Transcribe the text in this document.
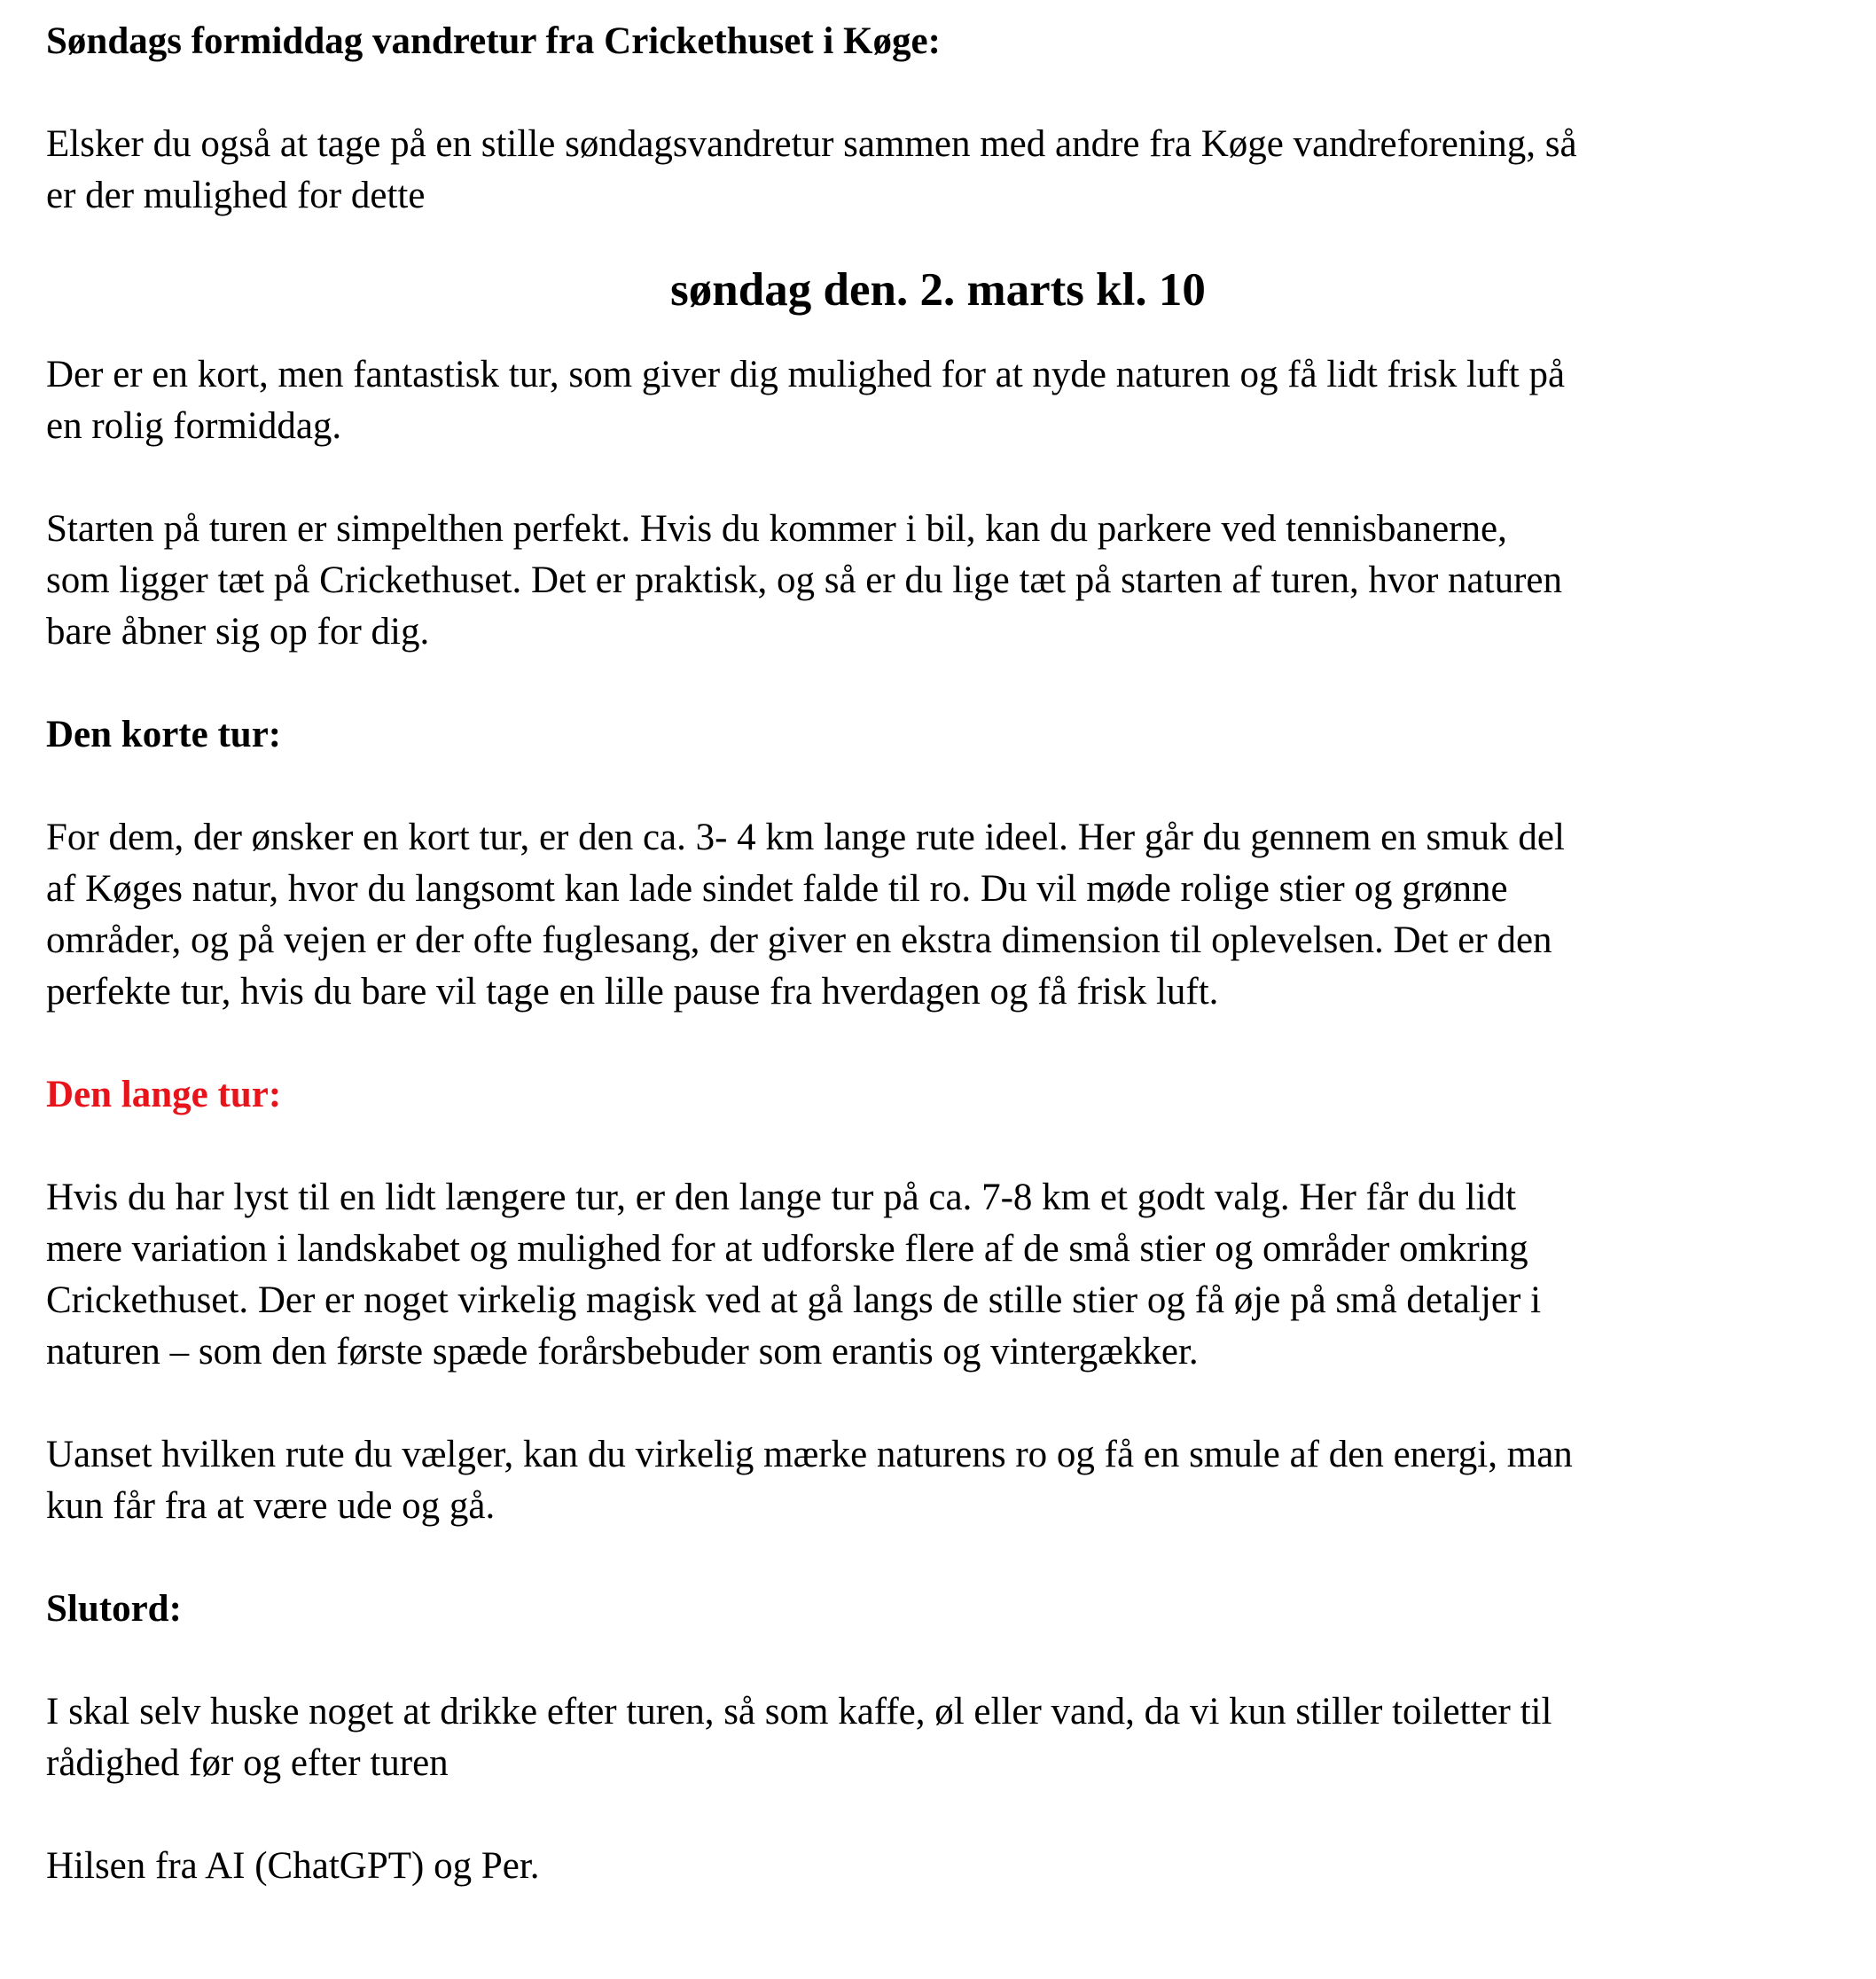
Søndags formiddag vandretur fra Crickethuset i Køge:

Elsker du også at tage på en stille søndagsvandretur sammen med andre fra Køge vandreforening, så
er der mulighed for dette

søndag den. 2. marts kl. 10

Der er en kort, men fantastisk tur, som giver dig mulighed for at nyde naturen og få lidt frisk luft på
en rolig formiddag.
Starten på turen er simpelthen perfekt. Hvis du kommer i bil, kan du parkere ved tennisbanerne,
som ligger tæt på Crickethuset. Det er praktisk, og så er du lige tæt på starten af turen, hvor naturen
bare åbner sig op for dig.

Den korte tur:

For dem, der ønsker en kort tur, er den ca. 3- 4 km lange rute ideel. Her går du gennem en smuk del
af Køges natur, hvor du langsomt kan lade sindet falde til ro. Du vil møde rolige stier og grønne
områder, og på vejen er der ofte fuglesang, der giver en ekstra dimension til oplevelsen. Det er den
perfekte tur, hvis du bare vil tage en lille pause fra hverdagen og få frisk luft.

Den lange tur:

Hvis du har lyst til en lidt længere tur, er den lange tur på ca. 7-8 km et godt valg. Her får du lidt
mere variation i landskabet og mulighed for at udforske flere af de små stier og områder omkring
Crickethuset. Der er noget virkelig magisk ved at gå langs de stille stier og få øje på små detaljer i
naturen – som den første spæde forårsbebuder som erantis og vintergækker.
Uanset hvilken rute du vælger, kan du virkelig mærke naturens ro og få en smule af den energi, man
kun får fra at være ude og gå.

Slutord:

I skal selv huske noget at drikke efter turen, så som kaffe, øl eller vand, da vi kun stiller toiletter til
rådighed før og efter turen
Hilsen fra AI (ChatGPT) og Per.
